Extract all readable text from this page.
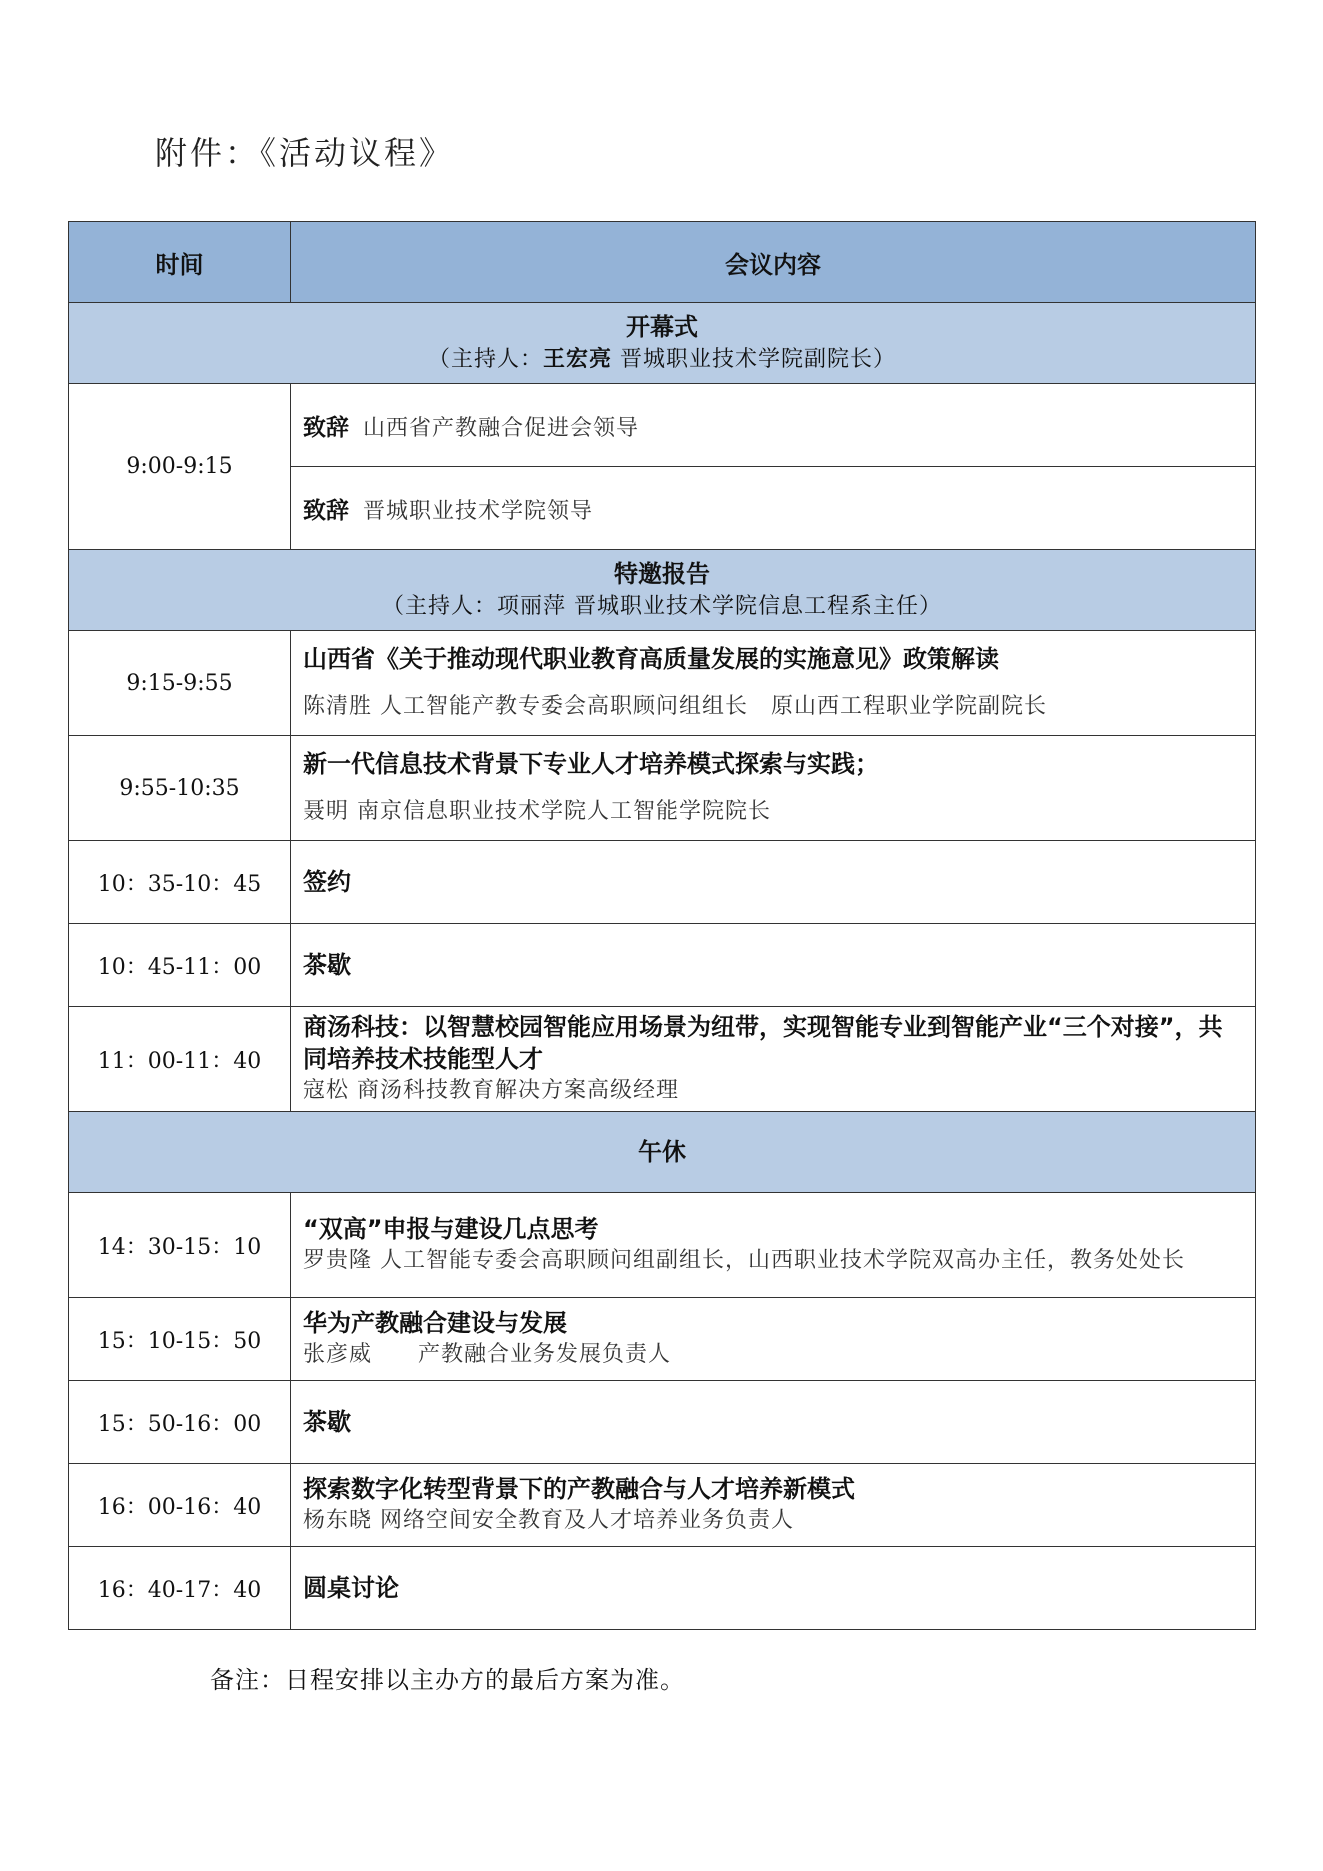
附件：《活动议程》
时间	会议内容

开幕式
（主持人：王宏亮 晋城职业技术学院副院长）	

9:00-9:15	致辞 山西省产教融合促进会领导
	致辞 晋城职业技术学院领导

特邀报告
（主持人：项丽萍 晋城职业技术学院信息工程系主任）	

9:15-9:55	山西省《关于推动现代职业教育高质量发展的实施意见》政策解读
陈清胜 人工智能产教专委会高职顾问组组长　原山西工程职业学院副院长

9:55-10:35	新一代信息技术背景下专业人才培养模式探索与实践；
聂明 南京信息职业技术学院人工智能学院院长

10：35-10：45	签约

10：45-11：00	茶歇

11：00-11：40	商汤科技：以智慧校园智能应用场景为纽带，实现智能专业到智能产业“三个对接”，共同培养技术技能型人才
寇松 商汤科技教育解决方案高级经理

午休	

14：30-15：10	“双高”申报与建设几点思考
罗贵隆 人工智能专委会高职顾问组副组长，山西职业技术学院双高办主任，教务处处长

15：10-15：50	华为产教融合建设与发展
张彦威　　产教融合业务发展负责人

15：50-16：00	茶歇

16：00-16：40	探索数字化转型背景下的产教融合与人才培养新模式
杨东晓 网络空间安全教育及人才培养业务负责人

16：40-17：40	圆桌讨论
备注：日程安排以主办方的最后方案为准。
